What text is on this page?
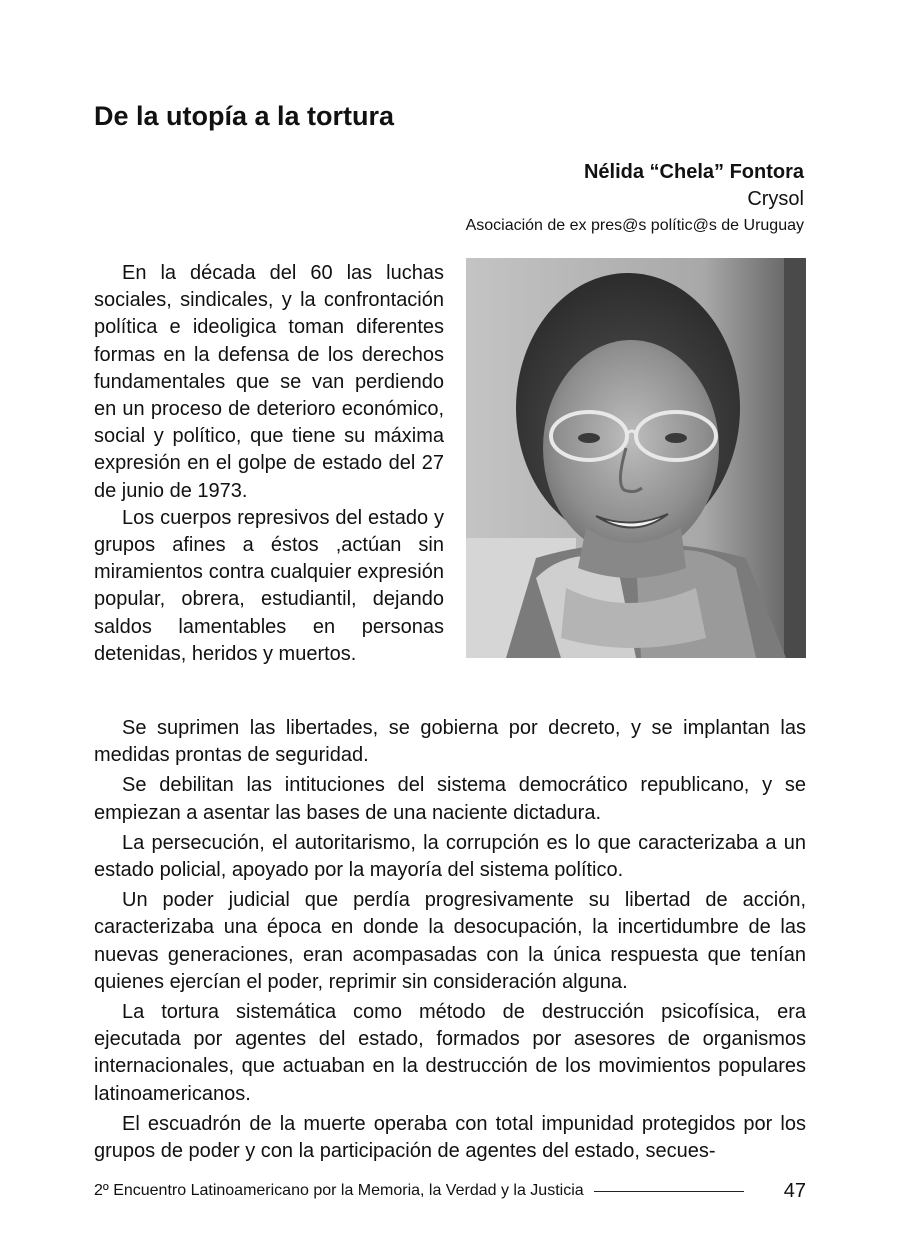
De la utopía a la tortura
Nélida “Chela” Fontora
Crysol
Asociación de ex pres@s polític@s de Uruguay

En la década del 60 las luchas sociales, sindicales, y la confrontación política e ideoligica toman diferentes formas en la defensa de los derechos fundamentales que se van perdiendo en un proceso de deterioro económico, social y político, que tiene su máxima expresión en el golpe de estado del 27 de junio de 1973.

Los cuerpos represivos del estado y grupos afines a éstos ,actúan sin miramientos contra cualquier expresión popular, obrera, estudiantil, dejando saldos lamentables en personas detenidas, heridos y muertos.

Se suprimen las libertades, se gobierna por decreto, y se implantan las medidas prontas de seguridad.

Se debilitan las intituciones del sistema democrático republicano, y se empiezan a asentar las bases de una naciente dictadura.

La persecución, el autoritarismo, la corrupción es lo que caracterizaba a un estado policial, apoyado por la mayoría del sistema político.

Un poder judicial que perdía progresivamente su libertad de acción, caracterizaba una época en donde la desocupación, la incertidumbre de las nuevas generaciones, eran acompasadas con la única respuesta que tenían quienes ejercían el poder, reprimir sin consideración alguna.

La tortura sistemática como método de destrucción psicofísica, era ejecutada por agentes del estado, formados por asesores de organismos internacionales, que actuaban en la destrucción de los movimientos populares latinoamericanos.

El escuadrón de la muerte operaba con total impunidad protegidos por los grupos de poder y con la participación de agentes del estado, secues-

2º Encuentro Latinoamericano por la Memoria, la Verdad y la Justicia	47
